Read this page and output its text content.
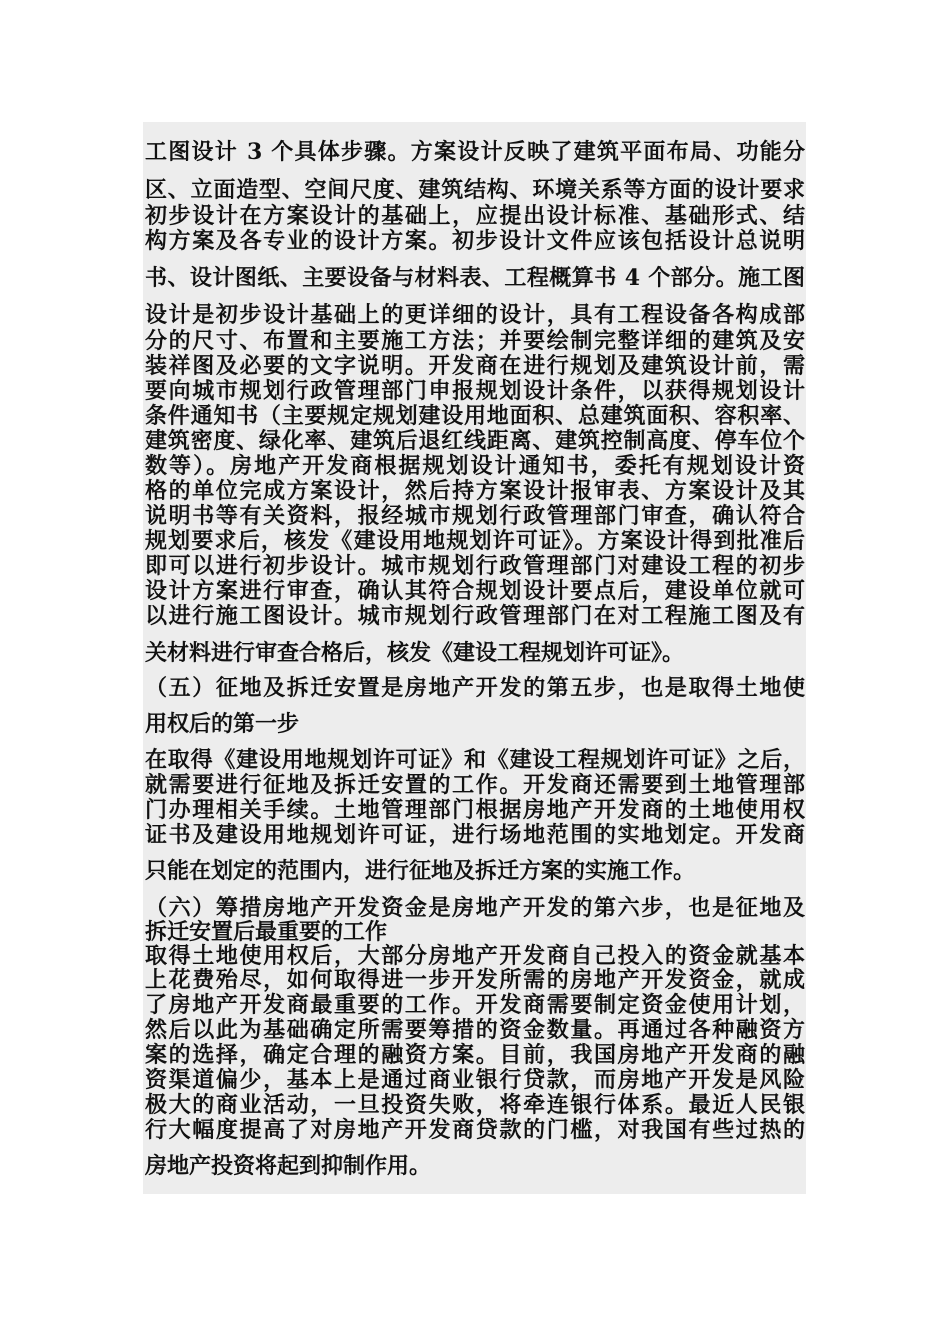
工图设计 3 个具体步骤。方案设计反映了建筑平面布局、功能分
区、立面造型、空间尺度、建筑结构、环境关系等方面的设计要求
初步设计在方案设计的基础上，应提出设计标准、基础形式、结
构方案及各专业的设计方案。初步设计文件应该包括设计总说明
书、设计图纸、主要设备与材料表、工程概算书 4 个部分。施工图
设计是初步设计基础上的更详细的设计，具有工程设备各构成部
分的尺寸、布置和主要施工方法；并要绘制完整详细的建筑及安
装祥图及必要的文字说明。开发商在进行规划及建筑设计前，需
要向城市规划行政管理部门申报规划设计条件，以获得规划设计
条件通知书（主要规定规划建设用地面积、总建筑面积、容积率、
建筑密度、绿化率、建筑后退红线距离、建筑控制高度、停车位个
数等）。房地产开发商根据规划设计通知书，委托有规划设计资
格的单位完成方案设计，然后持方案设计报审表、方案设计及其
说明书等有关资料，报经城市规划行政管理部门审查，确认符合
规划要求后，核发《建设用地规划许可证》。方案设计得到批准后
即可以进行初步设计。城市规划行政管理部门对建设工程的初步
设计方案进行审查，确认其符合规划设计要点后，建设单位就可
以进行施工图设计。城市规划行政管理部门在对工程施工图及有
关材料进行审查合格后，核发《建设工程规划许可证》。
（五）征地及拆迁安置是房地产开发的第五步，也是取得土地使
用权后的第一步
在取得《建设用地规划许可证》和《建设工程规划许可证》之后，
就需要进行征地及拆迁安置的工作。开发商还需要到土地管理部
门办理相关手续。土地管理部门根据房地产开发商的土地使用权
证书及建设用地规划许可证，进行场地范围的实地划定。开发商
只能在划定的范围内，进行征地及拆迁方案的实施工作。
（六）筹措房地产开发资金是房地产开发的第六步，也是征地及
拆迁安置后最重要的工作
取得土地使用权后，大部分房地产开发商自己投入的资金就基本
上花费殆尽，如何取得进一步开发所需的房地产开发资金，就成
了房地产开发商最重要的工作。开发商需要制定资金使用计划，
然后以此为基础确定所需要筹措的资金数量。再通过各种融资方
案的选择，确定合理的融资方案。目前，我国房地产开发商的融
资渠道偏少，基本上是通过商业银行贷款，而房地产开发是风险
极大的商业活动，一旦投资失败，将牵连银行体系。最近人民银
行大幅度提高了对房地产开发商贷款的门槛，对我国有些过热的
房地产投资将起到抑制作用。
